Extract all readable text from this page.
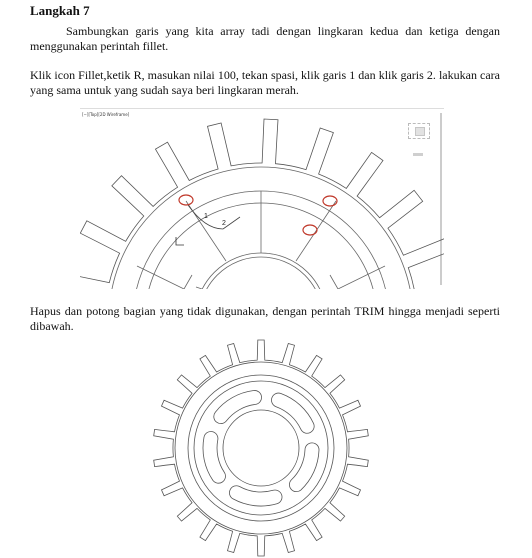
Langkah 7

Sambungkan garis yang kita array tadi dengan lingkaran kedua dan ketiga dengan menggunakan perintah fillet.

Klik icon Fillet,ketik R, masukan nilai 100, tekan spasi, klik garis 1 dan klik garis 2. lakukan cara yang sama untuk yang sudah saya beri lingkaran merah.

[−][Top][2D Wireframe]
1
2

Hapus dan potong bagian yang tidak digunakan, dengan perintah TRIM hingga menjadi seperti dibawah.
